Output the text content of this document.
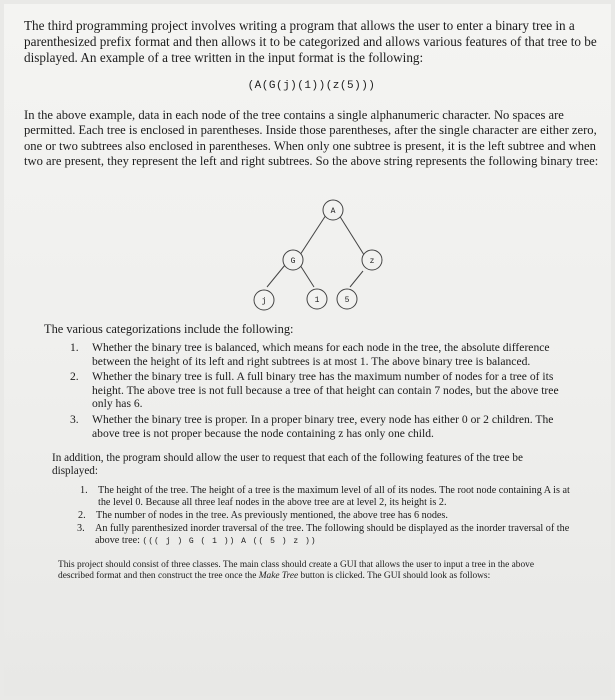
The third programming project involves writing a program that allows the user to enter a binary tree in a parenthesized prefix format and then allows it to be categorized and allows various features of that tree to be displayed. An example of a tree written in the input format is the following:

(A(G(j)(1))(z(5)))

In the above example, data in each node of the tree contains a single alphanumeric character. No spaces are permitted. Each tree is enclosed in parentheses. Inside those parentheses, after the single character are either zero, one or two subtrees also enclosed in parentheses. When only one subtree is present, it is the left subtree and when two are present, they represent the left and right subtrees. So the above string represents the following binary tree:

A
G	z
j	1	5

The various categorizations include the following:

1. Whether the binary tree is balanced, which means for each node in the tree, the absolute difference between the height of its left and right subtrees is at most 1. The above binary tree is balanced.
2. Whether the binary tree is full. A full binary tree has the maximum number of nodes for a tree of its height. The above tree is not full because a tree of that height can contain 7 nodes, but the above tree only has 6.
3. Whether the binary tree is proper. In a proper binary tree, every node has either 0 or 2 children. The above tree is not proper because the node containing z has only one child.

In addition, the program should allow the user to request that each of the following features of the tree be displayed:

1. The height of the tree. The height of a tree is the maximum level of all of its nodes. The root node containing A is at the level 0. Because all three leaf nodes in the above tree are at level 2, its height is 2.
2. The number of nodes in the tree. As previously mentioned, the above tree has 6 nodes.
3. An fully parenthesized inorder traversal of the tree. The following should be displayed as the inorder traversal of the above tree: ((( j ) G ( 1 )) A (( 5 ) z ))

This project should consist of three classes. The main class should create a GUI that allows the user to input a tree in the above described format and then construct the tree once the Make Tree button is clicked. The GUI should look as follows:
